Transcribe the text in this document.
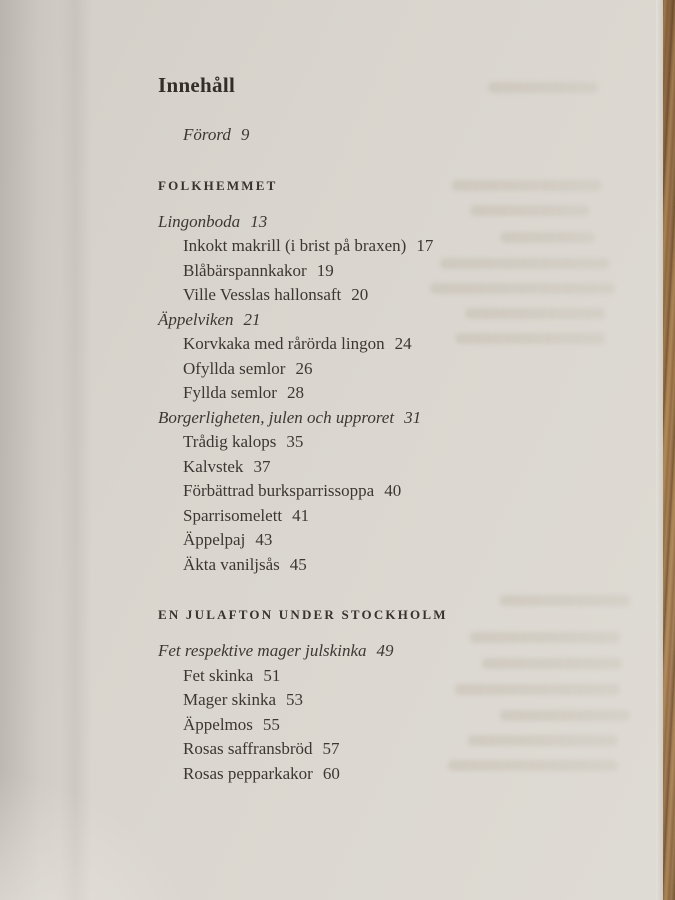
Innehåll
Förord 9
FOLKHEMMET
Lingonboda 13
Inkokt makrill (i brist på braxen) 17
Blåbärspannkakor 19
Ville Vesslas hallonsaft 20
Äppelviken 21
Korvkaka med rårörda lingon 24
Ofyllda semlor 26
Fyllda semlor 28
Borgerligheten, julen och upproret 31
Trådig kalops 35
Kalvstek 37
Förbättrad burksparrissoppa 40
Sparrisomelett 41
Äppelpaj 43
Äkta vaniljsås 45
EN JULAFTON UNDER STOCKHOLM
Fet respektive mager julskinka 49
Fet skinka 51
Mager skinka 53
Äppelmos 55
Rosas saffransbröd 57
Rosas pepparkakor 60
